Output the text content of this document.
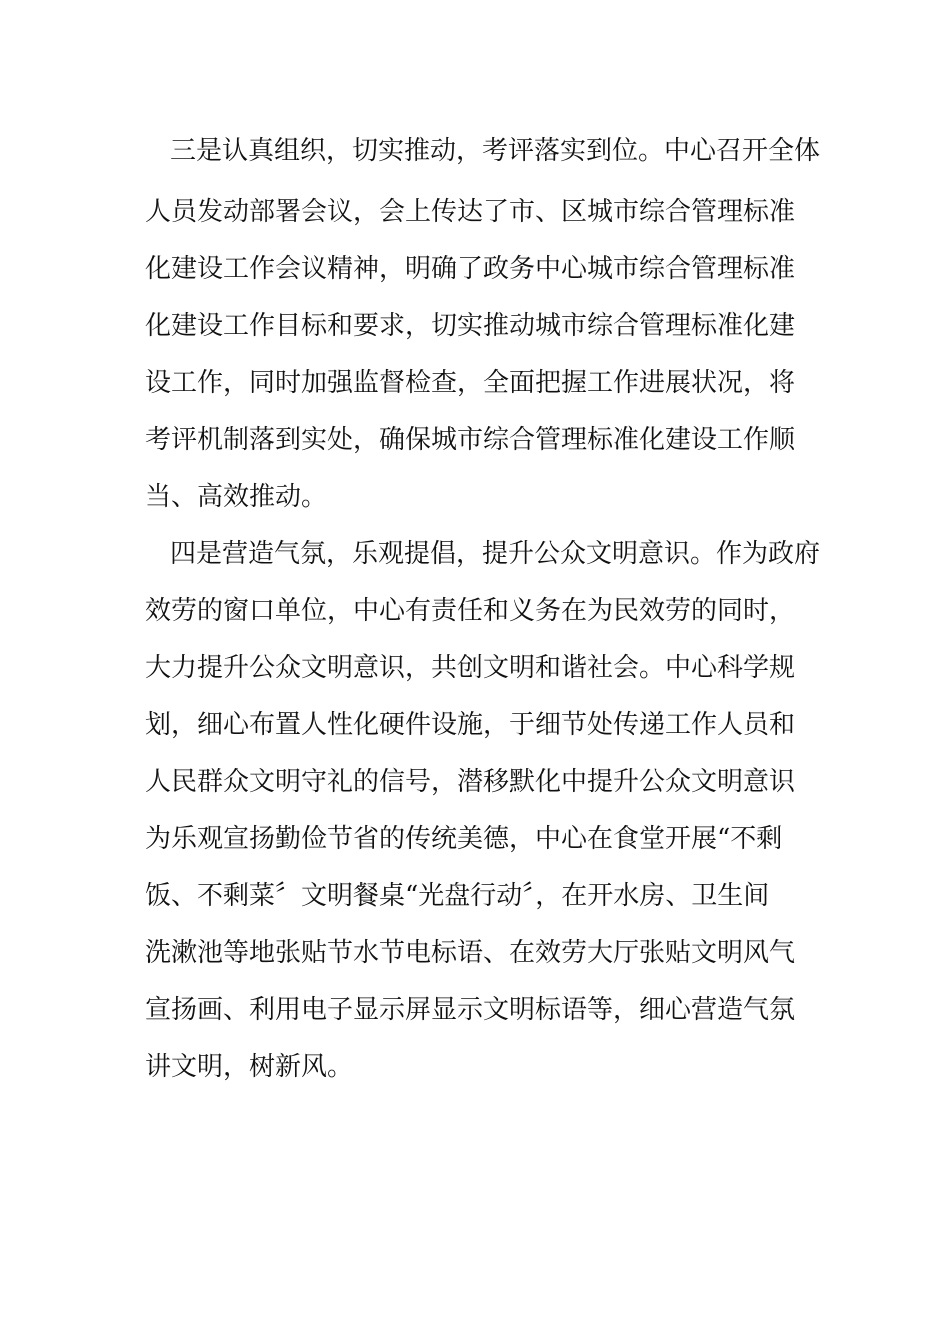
三是认真组织，切实推动，考评落实到位。中心召开全体
人员发动部署会议，会上传达了市、区城市综合管理标准
化建设工作会议精神，明确了政务中心城市综合管理标准
化建设工作目标和要求，切实推动城市综合管理标准化建
设工作，同时加强监督检查，全面把握工作进展状况，将
考评机制落到实处，确保城市综合管理标准化建设工作顺
当、高效推动。
四是营造气氛，乐观提倡，提升公众文明意识。作为政府
效劳的窗口单位，中心有责任和义务在为民效劳的同时，
大力提升公众文明意识，共创文明和谐社会。中心科学规
划，细心布置人性化硬件设施，于细节处传递工作人员和
人民群众文明守礼的信号，潜移默化中提升公众文明意识
为乐观宣扬勤俭节省的传统美德，中心在食堂开展“不剩
饭、不剩菜〞文明餐桌“光盘行动〞，在开水房、卫生间
洗漱池等地张贴节水节电标语、在效劳大厅张贴文明风气
宣扬画、利用电子显示屏显示文明标语等，细心营造气氛
讲文明，树新风。
